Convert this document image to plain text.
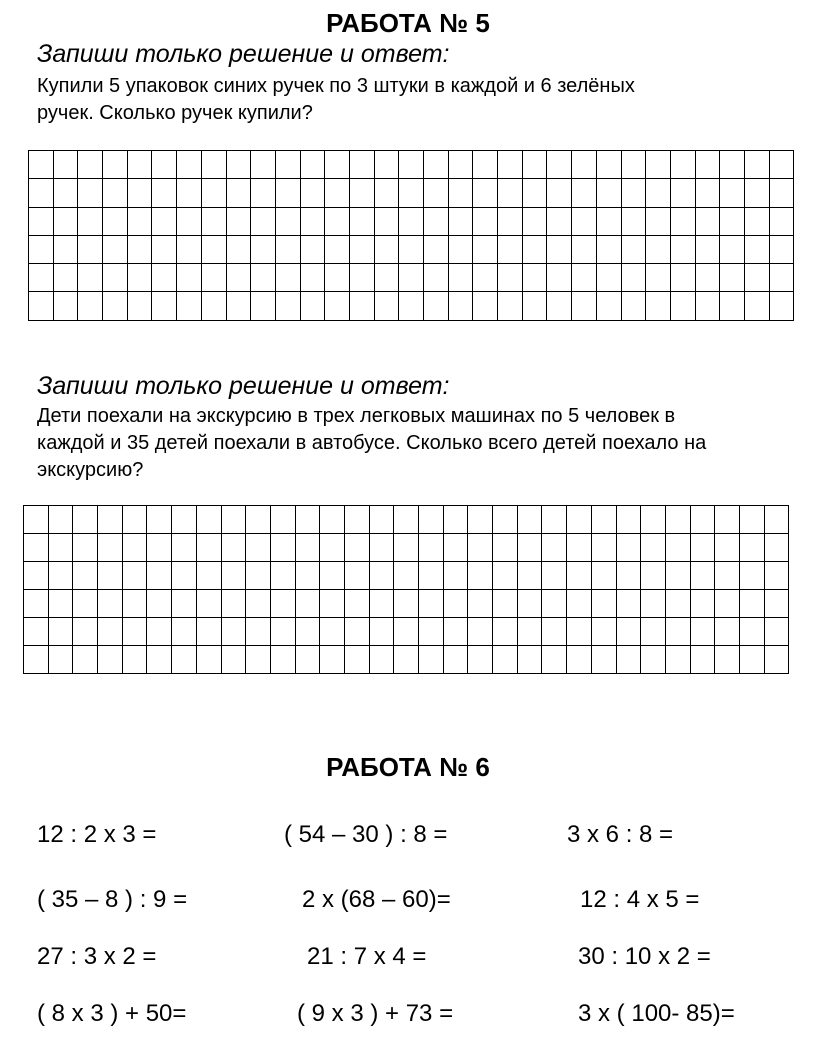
РАБОТА № 5
Запиши только решение и ответ:
Купили 5 упаковок синих ручек по 3 штуки в каждой и 6 зелёных
ручек. Сколько ручек купили?

Запиши только решение и ответ:
Дети поехали на экскурсию в трех легковых машинах по 5 человек в
каждой и 35 детей поехали в автобусе. Сколько всего детей поехало на
экскурсию?

РАБОТА № 6
12 : 2 х 3 =	( 54 – 30 ) : 8 =	3 х 6 : 8 =
( 35 – 8 ) : 9 =	2 х (68 – 60)=	12 : 4 х 5 =
27 : 3 х 2 =	21 : 7 х 4 =	30 : 10 х 2 =
( 8 х 3 ) + 50=	( 9 х 3 ) + 73 =	3 х ( 100- 85)=
